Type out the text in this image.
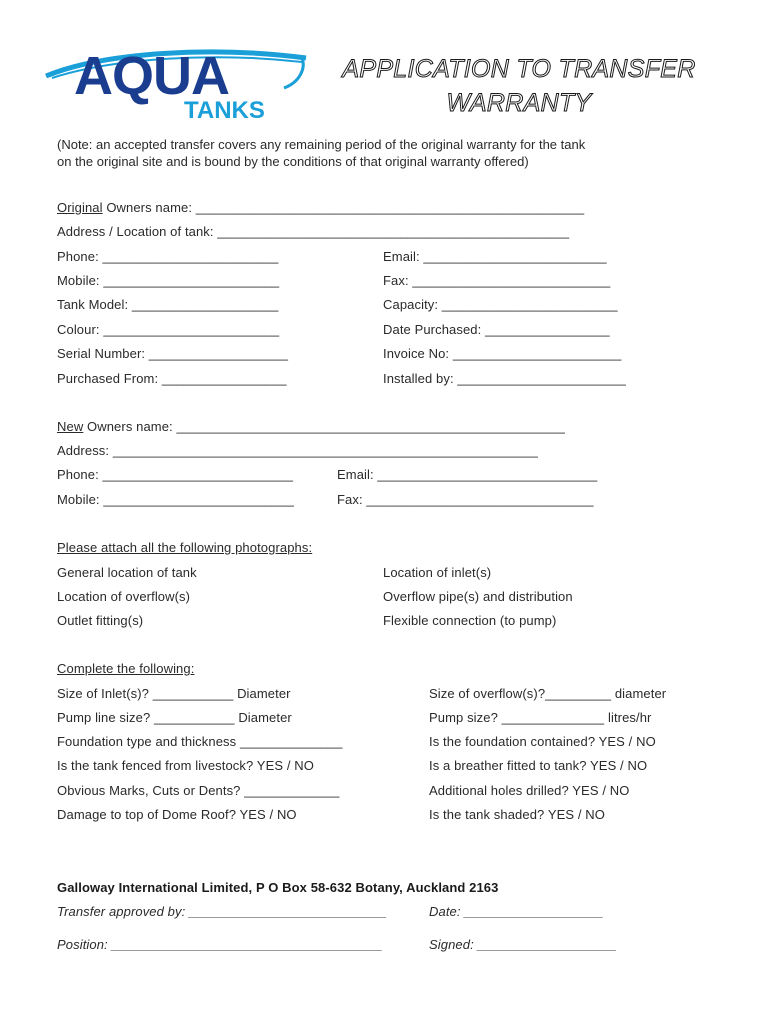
AQUA
TANKS
APPLICATION TO TRANSFER
WARRANTY
(Note: an accepted transfer covers any remaining period of the original warranty for the tank
on the original site and is bound by the conditions of that original warranty offered)
Original Owners name: _____________________________________________________
Address / Location of tank: ________________________________________________
Phone: ________________________	Email: _________________________
Mobile: ________________________	Fax: ___________________________
Tank Model: ____________________	Capacity: ________________________
Colour: ________________________	Date Purchased: _________________
Serial Number: ___________________	Invoice No: _______________________
Purchased From: _________________	Installed by: _______________________
New Owners name: _____________________________________________________
Address: __________________________________________________________
Phone: __________________________	Email: ______________________________
Mobile: __________________________	Fax: _______________________________
Please attach all the following photographs:
General location of tank	Location of inlet(s)
Location of overflow(s)	Overflow pipe(s) and distribution
Outlet fitting(s)	Flexible connection (to pump)
Complete the following:
Size of Inlet(s)? ___________ Diameter	Size of overflow(s)?_________ diameter
Pump line size? ___________ Diameter	Pump size? ______________ litres/hr
Foundation type and thickness ______________	Is the foundation contained? YES / NO
Is the tank fenced from livestock? YES / NO	Is a breather fitted to tank? YES / NO
Obvious Marks, Cuts or Dents? _____________	Additional holes drilled? YES / NO
Damage to top of Dome Roof? YES / NO	Is the tank shaded? YES / NO
Galloway International Limited, P O Box 58-632 Botany, Auckland 2163
Transfer approved by: ___________________________	Date: ___________________
Position: _____________________________________	Signed: ___________________
